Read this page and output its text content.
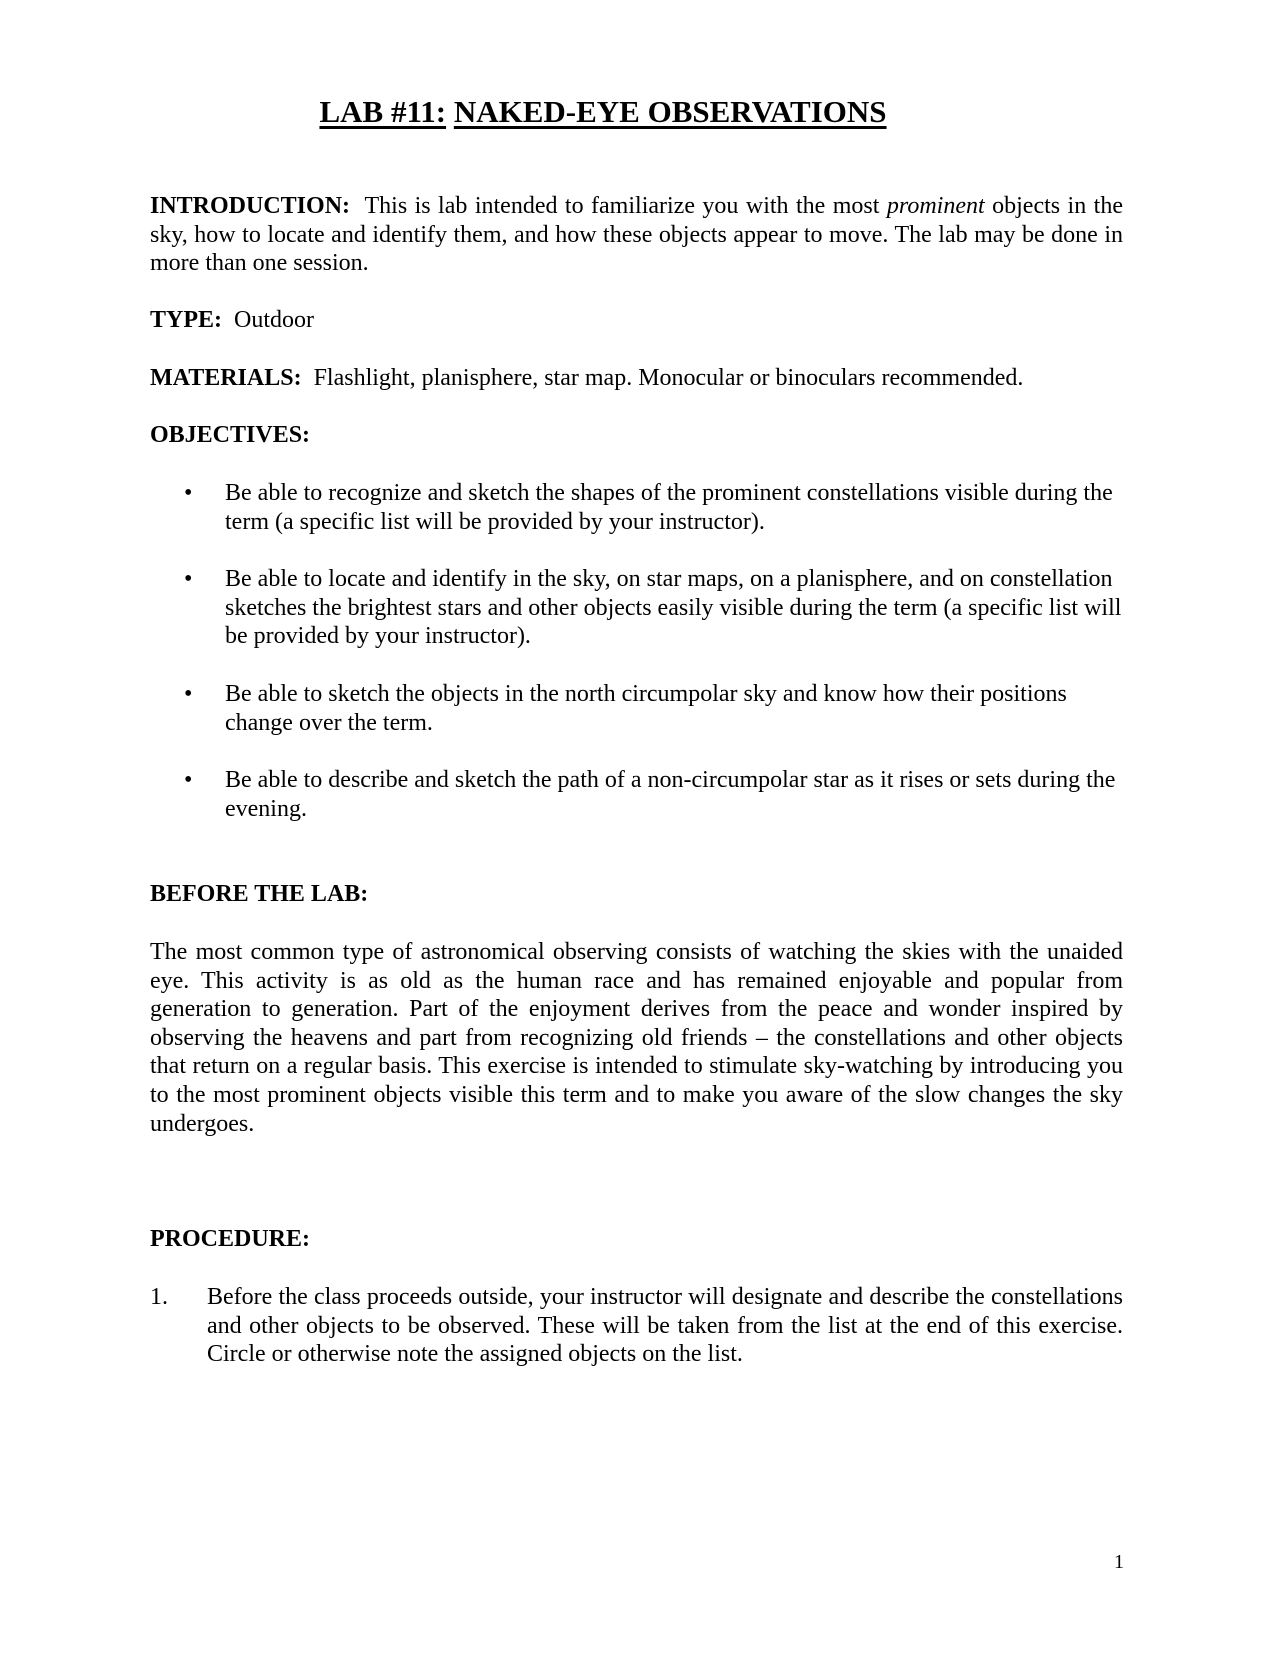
LAB #11: NAKED-EYE OBSERVATIONS

INTRODUCTION: This is lab intended to familiarize you with the most prominent objects in the sky, how to locate and identify them, and how these objects appear to move. The lab may be done in more than one session.

TYPE: Outdoor

MATERIALS: Flashlight, planisphere, star map. Monocular or binoculars recommended.

OBJECTIVES:

•	Be able to recognize and sketch the shapes of the prominent constellations visible during the term (a specific list will be provided by your instructor).
•	Be able to locate and identify in the sky, on star maps, on a planisphere, and on constellation sketches the brightest stars and other objects easily visible during the term (a specific list will be provided by your instructor).
•	Be able to sketch the objects in the north circumpolar sky and know how their positions change over the term.
•	Be able to describe and sketch the path of a non-circumpolar star as it rises or sets during the evening.

BEFORE THE LAB:

The most common type of astronomical observing consists of watching the skies with the unaided eye. This activity is as old as the human race and has remained enjoyable and popular from generation to generation. Part of the enjoyment derives from the peace and wonder inspired by observing the heavens and part from recognizing old friends – the constellations and other objects that return on a regular basis. This exercise is intended to stimulate sky-watching by introducing you to the most prominent objects visible this term and to make you aware of the slow changes the sky undergoes.

PROCEDURE:

1.	Before the class proceeds outside, your instructor will designate and describe the constellations and other objects to be observed. These will be taken from the list at the end of this exercise. Circle or otherwise note the assigned objects on the list.
1
